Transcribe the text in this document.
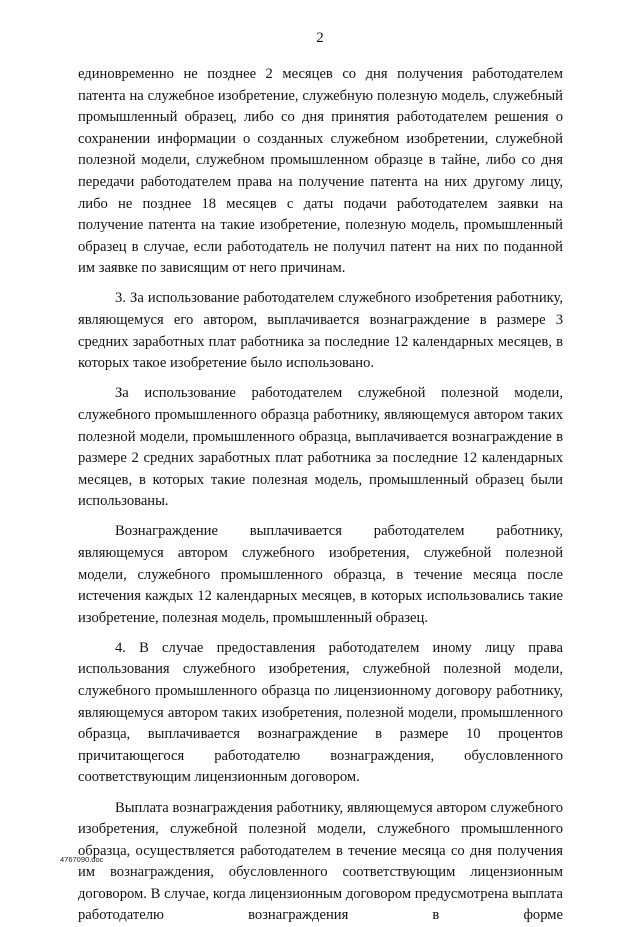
2

единовременно не позднее 2 месяцев со дня получения работодателем патента на служебное изобретение, служебную полезную модель, служебный промышленный образец, либо со дня принятия работодателем решения о сохранении информации о созданных служебном изобретении, служебной полезной модели, служебном промышленном образце в тайне, либо со дня передачи работодателем права на получение патента на них другому лицу, либо не позднее 18 месяцев с даты подачи работодателем заявки на получение патента на такие изобретение, полезную модель, промышленный образец в случае, если работодатель не получил патент на них по поданной им заявке по зависящим от него причинам.

3. За использование работодателем служебного изобретения работнику, являющемуся его автором, выплачивается вознаграждение в размере 3 средних заработных плат работника за последние 12 календарных месяцев, в которых такое изобретение было использовано.

За использование работодателем служебной полезной модели, служебного промышленного образца работнику, являющемуся автором таких полезной модели, промышленного образца, выплачивается вознаграждение в размере 2 средних заработных плат работника за последние 12 календарных месяцев, в которых такие полезная модель, промышленный образец были использованы.

Вознаграждение выплачивается работодателем работнику, являющемуся автором служебного изобретения, служебной полезной модели, служебного промышленного образца, в течение месяца после истечения каждых 12 календарных месяцев, в которых использовались такие изобретение, полезная модель, промышленный образец.

4. В случае предоставления работодателем иному лицу права использования служебного изобретения, служебной полезной модели, служебного промышленного образца по лицензионному договору работнику, являющемуся автором таких изобретения, полезной модели, промышленного образца, выплачивается вознаграждение в размере 10 процентов причитающегося работодателю вознаграждения, обусловленного соответствующим лицензионным договором.

Выплата вознаграждения работнику, являющемуся автором служебного изобретения, служебной полезной модели, служебного промышленного образца, осуществляется работодателем в течение месяца со дня получения им вознаграждения, обусловленного соответствующим лицензионным договором. В случае, когда лицензионным договором предусмотрена выплата работодателю вознаграждения в форме

4767090.doc
